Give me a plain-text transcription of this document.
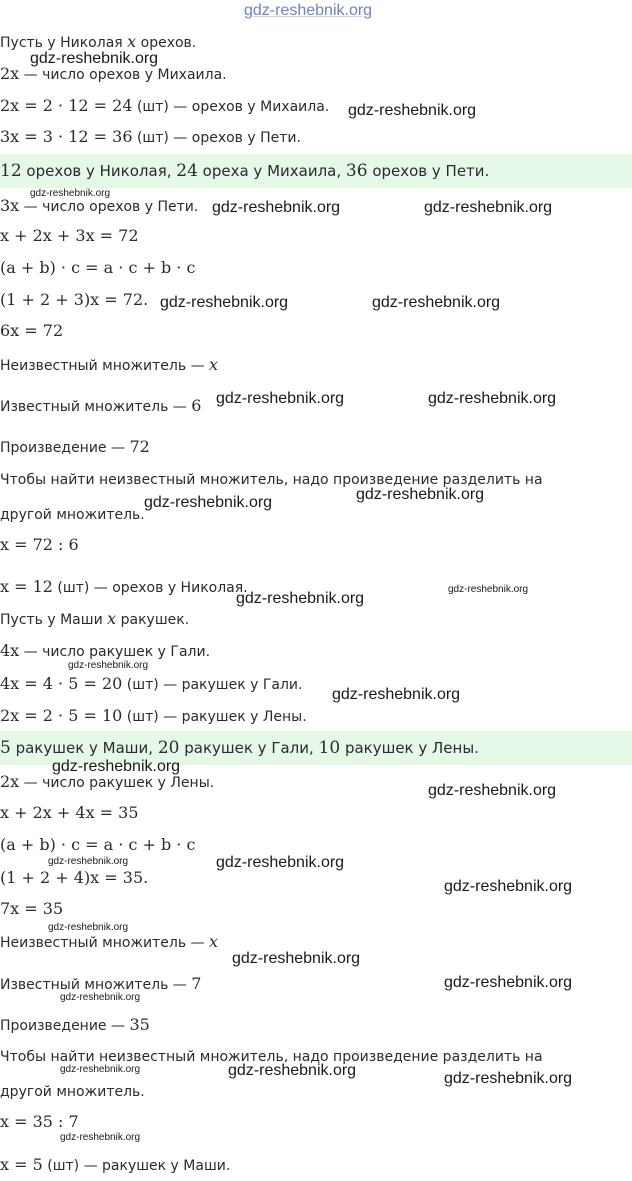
Пусть у Николая x орехов.
2x — число орехов у Михаила.
2x = 2 · 12 = 24 (шт) — орехов у Михаила.
3x = 3 · 12 = 36 (шт) — орехов у Пети.
12 орехов у Николая, 24 ореха у Михаила, 36 орехов у Пети.
3x — число орехов у Пети.
x + 2x + 3x = 72
(a + b) · c = a · c + b · c
(1 + 2 + 3)x = 72.
6x = 72
Неизвестный множитель — x
Известный множитель — 6
Произведение — 72
Чтобы найти неизвестный множитель, надо произведение разделить на
другой множитель.
x = 72 : 6
x = 12 (шт) — орехов у Николая.
Пусть у Маши x ракушек.
4x — число ракушек у Гали.
4x = 4 · 5 = 20 (шт) — ракушек у Гали.
2x = 2 · 5 = 10 (шт) — ракушек у Лены.
5 ракушек у Маши, 20 ракушек у Гали, 10 ракушек у Лены.
2x — число ракушек у Лены.
x + 2x + 4x = 35
(a + b) · c = a · c + b · c
(1 + 2 + 4)x = 35.
7x = 35
Неизвестный множитель — x
Известный множитель — 7
Произведение — 35
Чтобы найти неизвестный множитель, надо произведение разделить на
другой множитель.
x = 35 : 7
x = 5 (шт) — ракушек у Маши.
gdz-reshebnik.org
gdz-reshebnik.org
gdz-reshebnik.org
gdz-reshebnik.org
gdz-reshebnik.org	gdz-reshebnik.org
gdz-reshebnik.org	gdz-reshebnik.org
gdz-reshebnik.org	gdz-reshebnik.org
gdz-reshebnik.org
gdz-reshebnik.org
gdz-reshebnik.org
gdz-reshebnik.org
gdz-reshebnik.org
gdz-reshebnik.org
gdz-reshebnik.org
gdz-reshebnik.org
gdz-reshebnik.org	gdz-reshebnik.org
gdz-reshebnik.org
gdz-reshebnik.org
gdz-reshebnik.org
gdz-reshebnik.org
gdz-reshebnik.org
gdz-reshebnik.org	gdz-reshebnik.org	gdz-reshebnik.org
gdz-reshebnik.org
